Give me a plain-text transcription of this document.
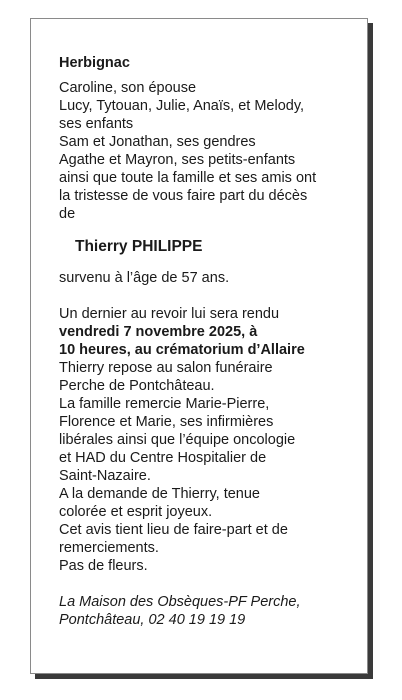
Herbignac

Caroline, son épouse

Lucy, Tytouan, Julie, Anaïs, et Melody,

ses enfants

Sam et Jonathan, ses gendres

Agathe et Mayron, ses petits-enfants

ainsi que toute la famille et ses amis ont

la tristesse de vous faire part du décès

de

Thierry PHILIPPE

survenu à l’âge de 57 ans.

Un dernier au revoir lui sera rendu

vendredi 7 novembre 2025, à

10 heures, au crématorium d’Allaire

Thierry repose au salon funéraire

Perche de Pontchâteau.

La famille remercie Marie-Pierre,

Florence et Marie, ses infirmières

libérales ainsi que l’équipe oncologie

et HAD du Centre Hospitalier de

Saint-Nazaire.

A la demande de Thierry, tenue

colorée et esprit joyeux.

Cet avis tient lieu de faire-part et de

remerciements.

Pas de fleurs.

La Maison des Obsèques-PF Perche,

Pontchâteau, 02 40 19 19 19
